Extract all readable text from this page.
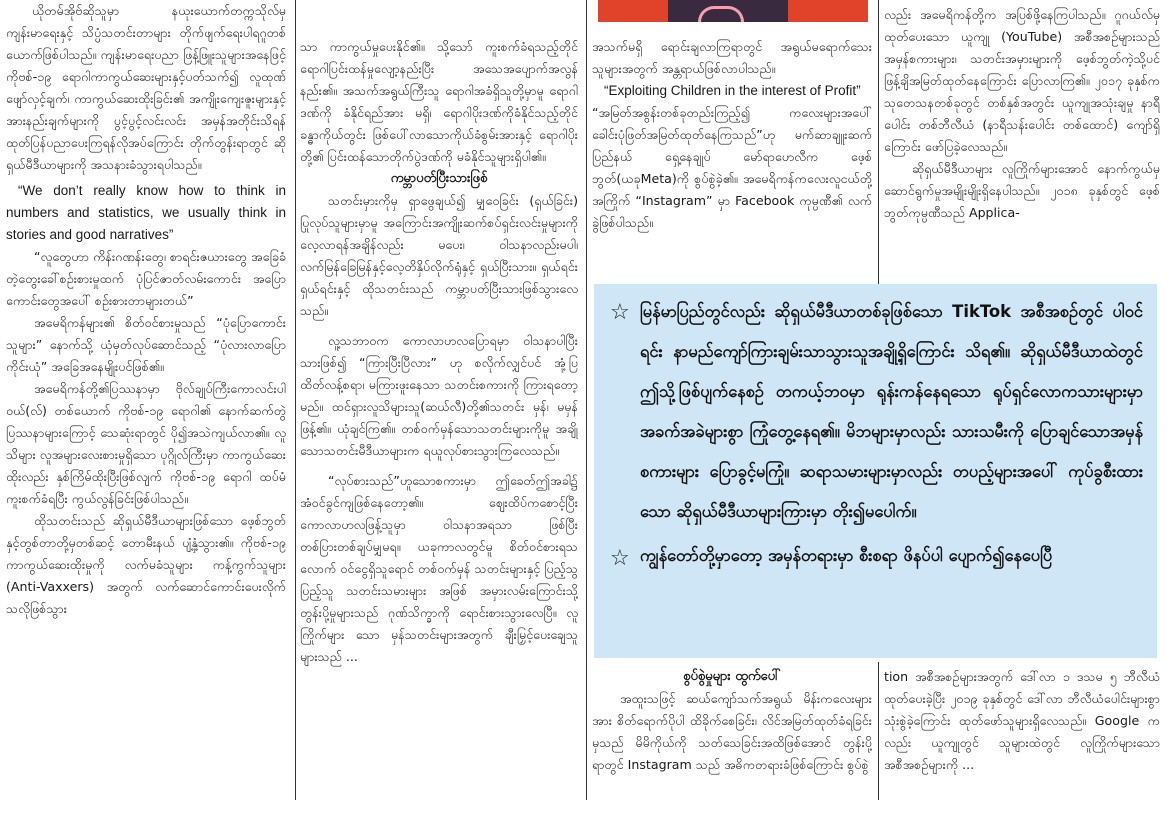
ယိုတမ်အိုဗ်ဆိုသူမှာ နယုးယောက်တက္ကသိုလ်မှ ကျန်းမာရေးနှင့် သိပ္ပံသတင်းတာများ တိုက်ဖျက်ရေးပါရဂူတစ်ယောက်ဖြစ်ပါသည်။ ကျန်းမာရေးပညာ ဖြန့်ဖြူးသူများအနေဖြင့် ကိုဗစ်-၁၉ ရောဂါကာကွယ်ဆေးများနှင့်ပတ်သက်၍ လူထုဏ်ဖျော်လှင့်ချက်၊ ကာကွယ်ဆေးထိုးခြင်း၏ အကျိုးကျေးဇူးများနှင့် အားနည်းချက်များကို ပွင့်ပွင့်လင်းလင်း အမှန်အတိုင်းသိရန် ထုတ်ပြန်ပညာပေးကြရန်လိုအပ်ကြောင်း တိုက်တွန်းရာတွင် ဆိုရှယ်မီဒီယာများကို အသနားခံသွားရပါသည်။

“We don’t really know how to think in numbers and statistics, we usually think in stories and good narratives”

“လူတွေဟာ ကိန်းဂဏန်းတွေ၊ စာရင်းဇယားတွေ အခြေခံတဲ့တွေးခေါ်စဉ်းစားမှုထက် ပုံပြင်ဇာတ်လမ်းကောင်း အပြောကောင်းတွေအပေါ် စဉ်းစားတာများတယ်”

အမေရိကန်များ၏ စိတ်ဝင်စားမှုသည် “ပုံပြောကောင်းသူများ” နောက်သို့ ယုံမှတ်လုပ်ဆောင်သည့် “ပုံလားလာပြောကိုင်းယုံ” အခြေအနေမျိုးပင်ဖြစ်၏။

အမေရိကန်တို့၏ပြဿနာမှာ ဗိုလ်ချုပ်ကြီးကောလင်းပါဝယ်(လ်) တစ်ယောက် ကိုဗစ်-၁၉ ရောဂါ၏ နောက်ဆက်တွဲပြဿနာများကြောင့် သေဆုံးရာတွင် ပို၍အသဲကျယ်လာ၏။ လူသိများ လူအများလေးစားမှုရှိသော ပုဂ္ဂိုလ်ကြီးမှာ ကာကွယ်ဆေးထိုးလည်း နှစ်ကြိမ်ထိုးပြီးဖြစ်လျက် ကိုဗစ်-၁၉ ရောဂါ ထပ်မံကူးစက်ခံရပြီး ကွယ်လွန်ခြင်းဖြစ်ပါသည်။

ထိုသတင်းသည် ဆိုရှယ်မီဒီယာများဖြစ်သော ဖေ့စ်ဘွတ်နှင့်တွစ်တာတို့မှတစ်ဆင့် တောမီးနယ် ပျံ့နှံ့သွား၏။ ကိုဗစ်-၁၉ ကာကွယ်ဆေးထိုးမှုကို လက်မခံသူများ ကန့်ကွက်သူများ (Anti-Vaxxers) အတွက် လက်ဆောင်ကောင်းပေးလိုက်သလိုဖြစ်သွား

သာ ကာကွယ်မှုပေးနိုင်၏။ သို့သော် ကူးစက်ခံရသည့်တိုင် ရောဂါပြင်းထန်မှုလျော့နည်းပြီး အသေအပျောက်အလွန်နည်း၏။ အသက်အရွယ်ကြီးသူ ရောဂါအခံရှိသူတို့မှာမူ ရောဂါဒဏ်ကို ခံနိုင်ရည်အား မရှိ၊ ရောဂါပိုးဒဏ်ကိုခံနိုင်သည့်တိုင် ခန္ဓာကိုယ်တွင်း ဖြစ်ပေါ်လာသောကိုယ်ခံစွမ်းအားနှင့် ရောဂါပိုးတို့၏ ပြင်းထန်သောတိုက်ပွဲဒဏ်ကို မခံနိုင်သူများရှိပါ၏။

ကမ္ဘာပတ်ပြီးသားဖြစ်

သတင်းမှားကိုမှ ရှာဖွေချယ်၍ မျှဝေခြင်း (ရှယ်ခြင်း) ပြုလုပ်သူများမှာမူ အကြောင်းအကျိုးဆက်စပ်ရှင်းလင်းမှုများကို လေ့လာရန်အချိန်လည်း မပေး၊ ဝါသနာလည်းမပါ၊ လက်မြန်ခြေမြန်နှင့်လေ့တိနှိပ်လိုက်ရုံနှင့် ရှယ်ပြီးသား။ ရှယ်ရင်းရှယ်ရင်းနှင့် ထိုသတင်းသည် ကမ္ဘာပတ်ပြီးသားဖြစ်သွားလေသည်။

လူ့သဘာဝက ကောလာဟလပြောရမှာ ဝါသနာပါပြီးသားဖြစ်၍ “ကြားပြီးပြီလား” ဟု စလိုက်လျှင်ပင် အုံ့ပြထိတ်လန့်စရာ၊ မကြားဖူးနေသာ သတင်းစကားကို ကြားရတော့မည်။ ထင်ရှားလူသိများသူ(ဆယ်လီ)တို့၏သတင်း မှန်၊ မမှန်ဖြန့်၏။ ယုံချင်ကြ၏။ တစ်ဝက်မှန်သောသတင်းများကိုမူ အချို့သောသတင်းမီဒီယာများက ရယူလုပ်စားသွားကြလေသည်။

“လုပ်စားသည်”ဟူသောစကားမှာ ဤခေတ်ဤအခါ၌ အံဝင်ခွင်ကျဖြစ်နေတော့၏။ ဈေးထိပ်ကစောင့်ပြီး ကောလာဟလဖြန့်သူမှာ ဝါသနာအရသာ ဖြစ်ပြီး တစ်ပြားတစ်ချပ်မျှမရ။ ယခုကာလတွင်မူ စိတ်ဝင်စားရသလောက် ဝင်ငွေရှိသူရောင် တစ်ဝက်မှန် သတင်းများနှင့် ပြည့်သွပြည့်သူ သတင်းသမားများ အဖြစ် အမှားလမ်းကြောင်းသို့ တွန်းပို့မှုများသည် ဂုဏ်သိက္ခာကို ရောင်းစားသွားလေပြီ။ လူကြိုက်များ သော မှန်သတင်းများအတွက် ချီးမြှင့်ပေးချေသူ များသည် ...

အသက်မရှိ ရောင်းချလာကြရာတွင် အရွယ်မရောက်သေးသူများအတွက် အန္တရာယ်ဖြစ်လာပါသည်။

“Exploiting Children in the interest of Profit”

“အမြတ်အစွန်းတစ်ခုတည်းကြည့်၍ ကလေးများအပေါ် ခေါင်းပုံဖြတ်အမြတ်ထုတ်နေကြသည်”ဟု မက်ဆာချူးဆက်ပြည်နယ် ရှေ့နေချုပ် မော်ရာဟေလီက ဖေ့စ်ဘွတ်(ယခုMeta)ကို စွပ်စွဲခဲ့၏။ အမေရိကန်ကလေးလူငယ်တို့အကြိုက် “Instagram” မှာ Facebook ကုမ္ပဏီ၏ လက်ခွဲဖြစ်ပါသည်။

လည်း အမေရိကန်တို့က အပြစ်ဖို့နေကြပါသည်။ ဂူဂယ်လ်မှ ထုတ်ပေးသော ယူကျု (YouTube) အစီအစဉ်များသည် အမှန်စကားများ၊ သတင်းအမှားများကို ဖေ့စ်ဘွတ်ကဲ့သို့ပင် ဖြန့်ချိအမြတ်ထုတ်နေကြောင်း ပြောလာကြ၏။ ၂၀၁၇ ခုနှစ်က သုတေသနတစ်ခုတွင် တစ်နှစ်အတွင်း ယူကျုအသုံးချမှု နာရီ ပေါင်း တစ်ဘီလီယံ (နာရီသန်းပေါင်း တစ်ထောင်) ကျော်ရှိကြောင်း ဖော်ပြခဲ့လေသည်။

ဆိုရှယ်မီဒီယာများ လူကြိုက်များအောင် နောက်ကွယ်မှ ဆောင်ရွက်မှုအမျိုးမျိုးရှိနေပါသည်။ ၂၀၁၈ ခုနှစ်တွင် ဖေ့စ်ဘွတ်ကုမ္ပဏီသည် Applica-

☆ မြန်မာပြည်တွင်လည်း ဆိုရှယ်မီဒီယာတစ်ခုဖြစ်သော TikTok အစီအစဉ်တွင် ပါဝင်ရင်း နာမည်ကျော်ကြားချမ်းသာသွားသူအချို့ရှိကြောင်း သိရ၏။ ဆိုရှယ်မီဒီယာထဲတွင် ဤသို့ဖြစ်ပျက်နေစဉ် တကယ့်ဘဝမှာ ရုန်းကန်နေရသော ရုပ်ရှင်လောကသားများမှာ အခက်အခဲများစွာ ကြုံတွေ့နေရ၏။ မိဘများမှာလည်း သားသမီးကို ပြောချင်သောအမှန်စကားများ ပြောခွင့်မကြုံ။ ဆရာသမားများမှာလည်း တပည့်များအပေါ် ကုပ်ခွစီးထားသော ဆိုရှယ်မီဒီယာများကြားမှာ တိုး၍မပေါက်။
☆ ကျွန်တော်တို့မှာတော့ အမှန်တရားမှာ စီးစရာ ဖိနပ်ပါ ပျောက်၍နေပေပြီ
စွပ်စွဲမှုများ ထွက်ပေါ်

အထူးသဖြင့် ဆယ်ကျော်သက်အရွယ် မိန်းကလေးများအား စိတ်ရောက်ပိုပါ ထိခိုက်စေခြင်း၊ လိင်အမြတ်ထုတ်ခံရခြင်းမှသည် မိမိကိုယ်ကို သတ်သေခြင်းအထိဖြစ်အောင် တွန်းပို့ရာတွင် Instagram သည် အဓိကတရားခံဖြစ်ကြောင်း စွပ်စွဲ

tion အစီအစဉ်များအတွက် ဒေါ်လာ ၁ ဒသမ ၅ ဘီလီယံထုတ်ပေးခဲ့ပြီး ၂၀၁၉ ခုနှစ်တွင် ဒေါ်လာ ဘီလီယံပေါင်းများစွာ သုံးစွဲခဲ့ကြောင်း ထုတ်ဖော်သူများရှိလေသည်။ Google ကလည်း ယူကျုတွင် သူများထဲတွင် လူကြိုက်များသော အစီအစဉ်များကို ...
